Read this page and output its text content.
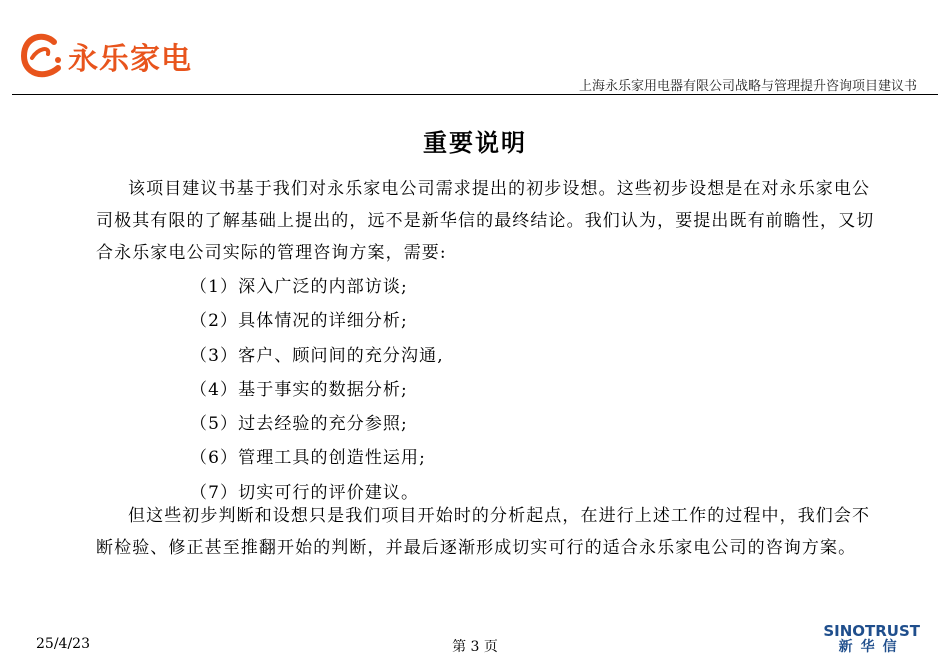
永乐家电
上海永乐家用电器有限公司战略与管理提升咨询项目建议书
重要说明

该项目建议书基于我们对永乐家电公司需求提出的初步设想。这些初步设想是在对永乐家电公司极其有限的了解基础上提出的，远不是新华信的最终结论。我们认为，要提出既有前瞻性，又切合永乐家电公司实际的管理咨询方案，需要:

（1）深入广泛的内部访谈;
（2）具体情况的详细分析;
（3）客户、顾问间的充分沟通,
（4）基于事实的数据分析;
（5）过去经验的充分参照;
（6）管理工具的创造性运用;
（7）切实可行的评价建议。

但这些初步判断和设想只是我们项目开始时的分析起点，在进行上述工作的过程中，我们会不断检验、修正甚至推翻开始的判断，并最后逐渐形成切实可行的适合永乐家电公司的咨询方案。

25/4/23	第 3 页
SINOTRUST
新华信
